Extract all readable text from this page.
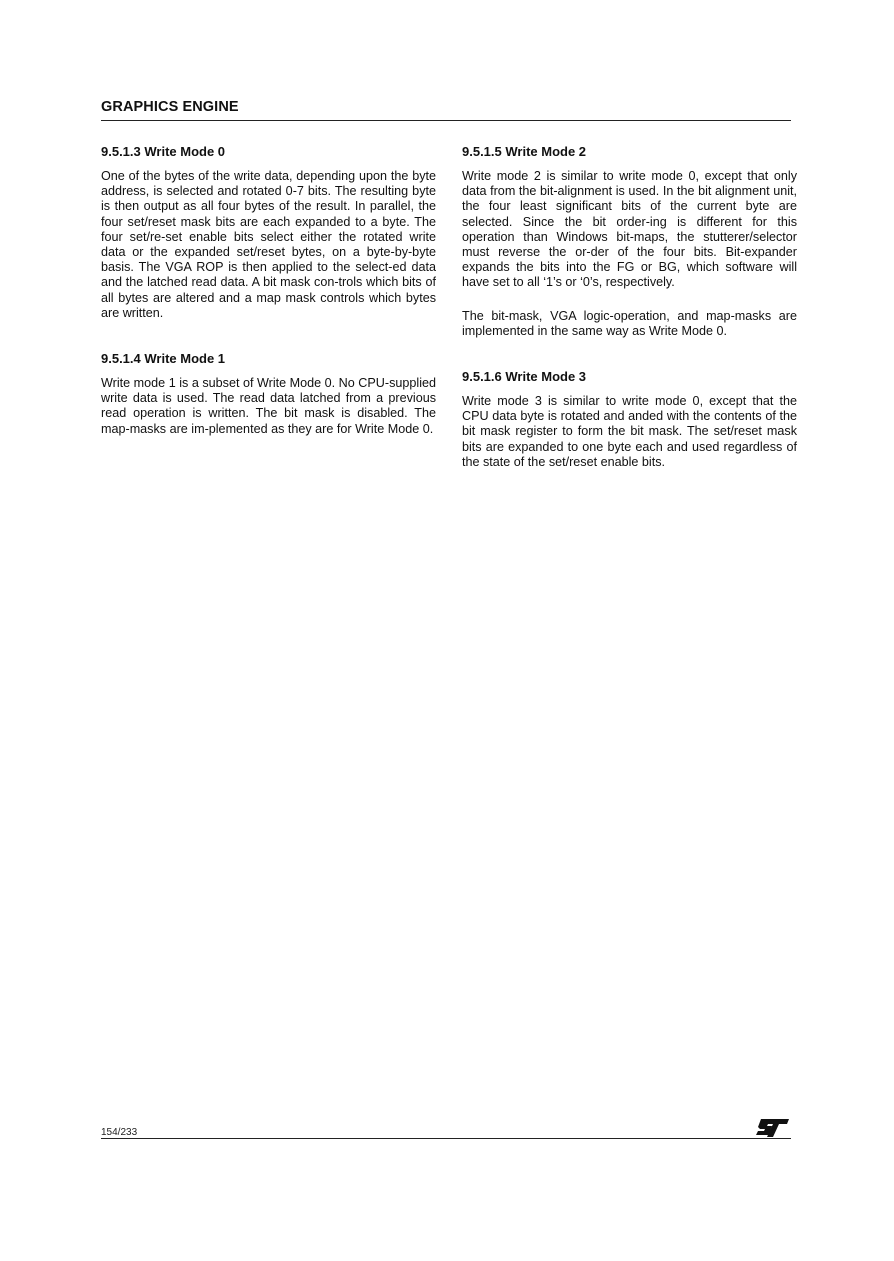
GRAPHICS ENGINE
9.5.1.3 Write Mode 0

One of the bytes of the write data, depending upon the byte address, is selected and rotated 0-7 bits. The resulting byte is then output as all four bytes of the result. In parallel, the four set/reset mask bits are each expanded to a byte. The four set/re-set enable bits select either the rotated write data or the expanded set/reset bytes, on a byte-by-byte basis. The VGA ROP is then applied to the select-ed data and the latched read data. A bit mask con-trols which bits of all bytes are altered and a map mask controls which bytes are written.

9.5.1.4 Write Mode 1

Write mode 1 is a subset of Write Mode 0. No CPU-supplied write data is used. The read data latched from a previous read operation is written. The bit mask is disabled. The map-masks are im-plemented as they are for Write Mode 0.

9.5.1.5 Write Mode 2

Write mode 2 is similar to write mode 0, except that only data from the bit-alignment is used. In the bit alignment unit, the four least significant bits of the current byte are selected. Since the bit order-ing is different for this operation than Windows bit-maps, the stutterer/selector must reverse the or-der of the four bits. Bit-expander expands the bits into the FG or BG, which software will have set to all ‘1’s or ‘0’s, respectively.

The bit-mask, VGA logic-operation, and map-masks are implemented in the same way as Write Mode 0.

9.5.1.6 Write Mode 3

Write mode 3 is similar to write mode 0, except that the CPU data byte is rotated and anded with the contents of the bit mask register to form the bit mask. The set/reset mask bits are expanded to one byte each and used regardless of the state of the set/reset enable bits.

154/233
